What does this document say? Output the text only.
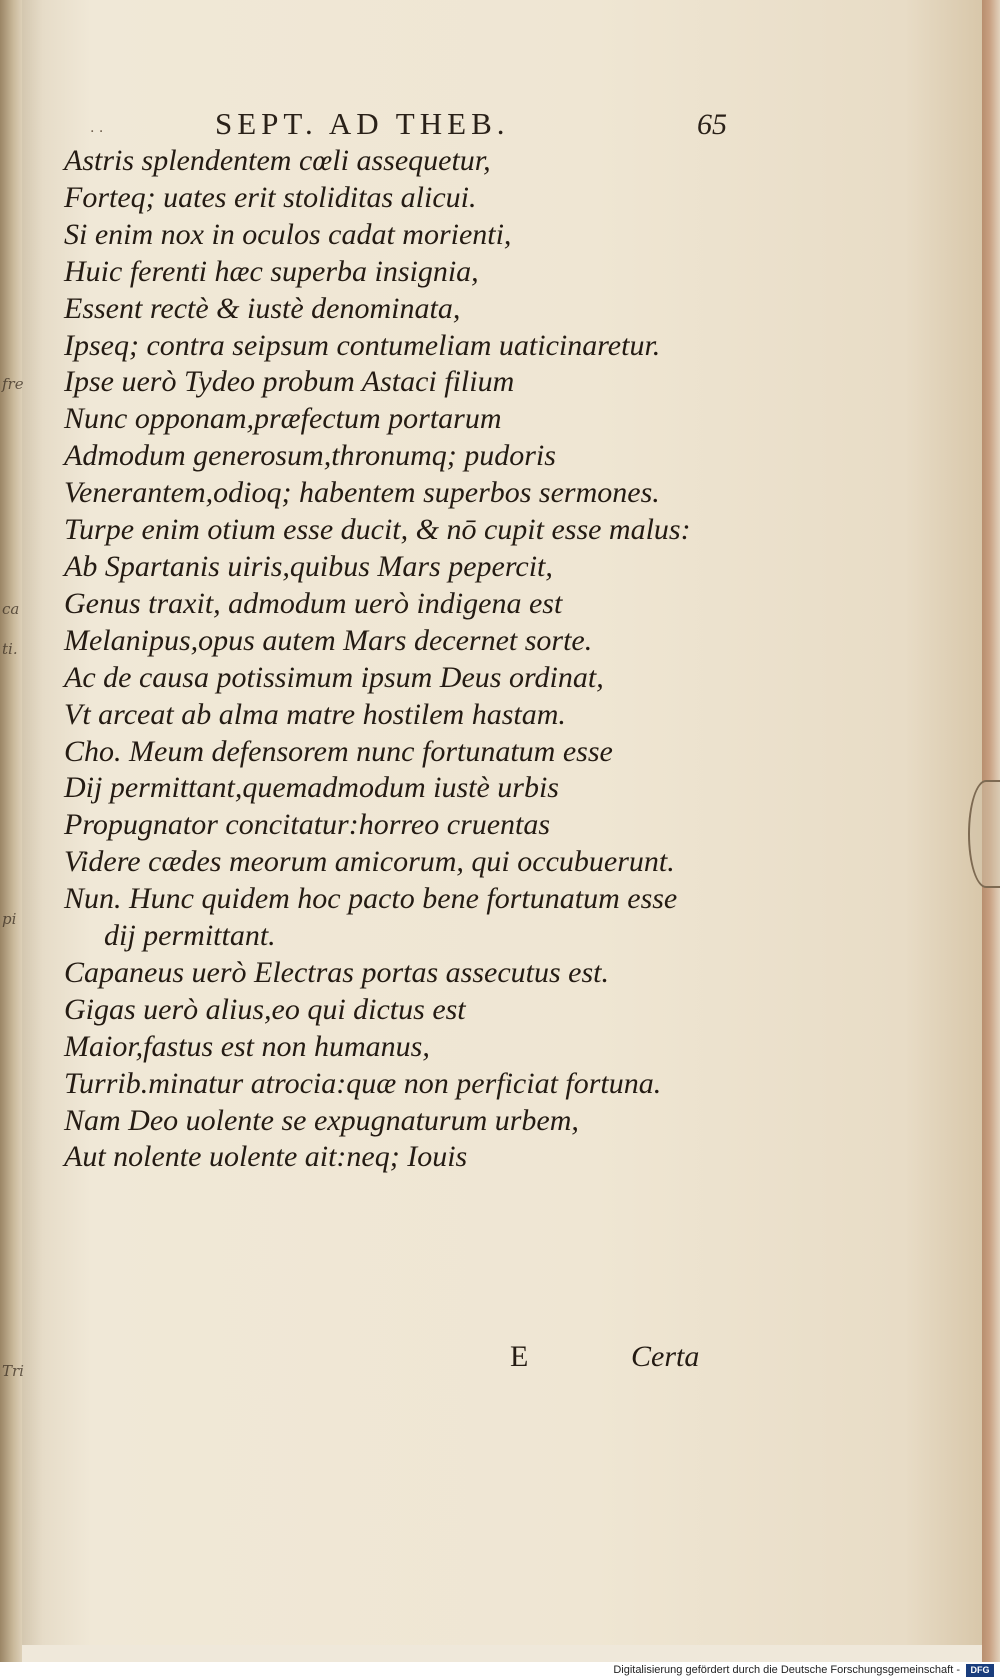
fre
ca
ti.
pi
Tri
. .	SEPT. AD THEB.	65
Astris splendentem cœli assequetur,
Forteq; uates erit stoliditas alicui.
Si enim nox in oculos cadat morienti,
Huic ferenti hæc superba insignia,
Essent rectè & iustè denominata,
Ipseq; contra seipsum contumeliam uaticinaretur.
Ipse uerò Tydeo probum Astaci filium
Nunc opponam,præfectum portarum
Admodum generosum,thronumq; pudoris
Venerantem,odioq; habentem superbos sermones.
Turpe enim otium esse ducit, & nō cupit esse malus:
Ab Spartanis uiris,quibus Mars pepercit,
Genus traxit, admodum uerò indigena est
Melanipus,opus autem Mars decernet sorte.
Ac de causa potissimum ipsum Deus ordinat,
Vt arceat ab alma matre hostilem hastam.
Cho. Meum defensorem nunc fortunatum esse
Dij permittant,quemadmodum iustè urbis
Propugnator concitatur:horreo cruentas
Videre cædes meorum amicorum, qui occubuerunt.
Nun. Hunc quidem hoc pacto bene fortunatum esse
dij permittant.
Capaneus uerò Electras portas assecutus est.
Gigas uerò alius,eo qui dictus est
Maior,fastus est non humanus,
Turrib.minatur atrocia:quæ non perficiat fortuna.
Nam Deo uolente se expugnaturum urbem,
Aut nolente uolente ait:neq; Iouis
E	Certa
Digitalisierung gefördert durch die Deutsche Forschungsgemeinschaft -	DFG
